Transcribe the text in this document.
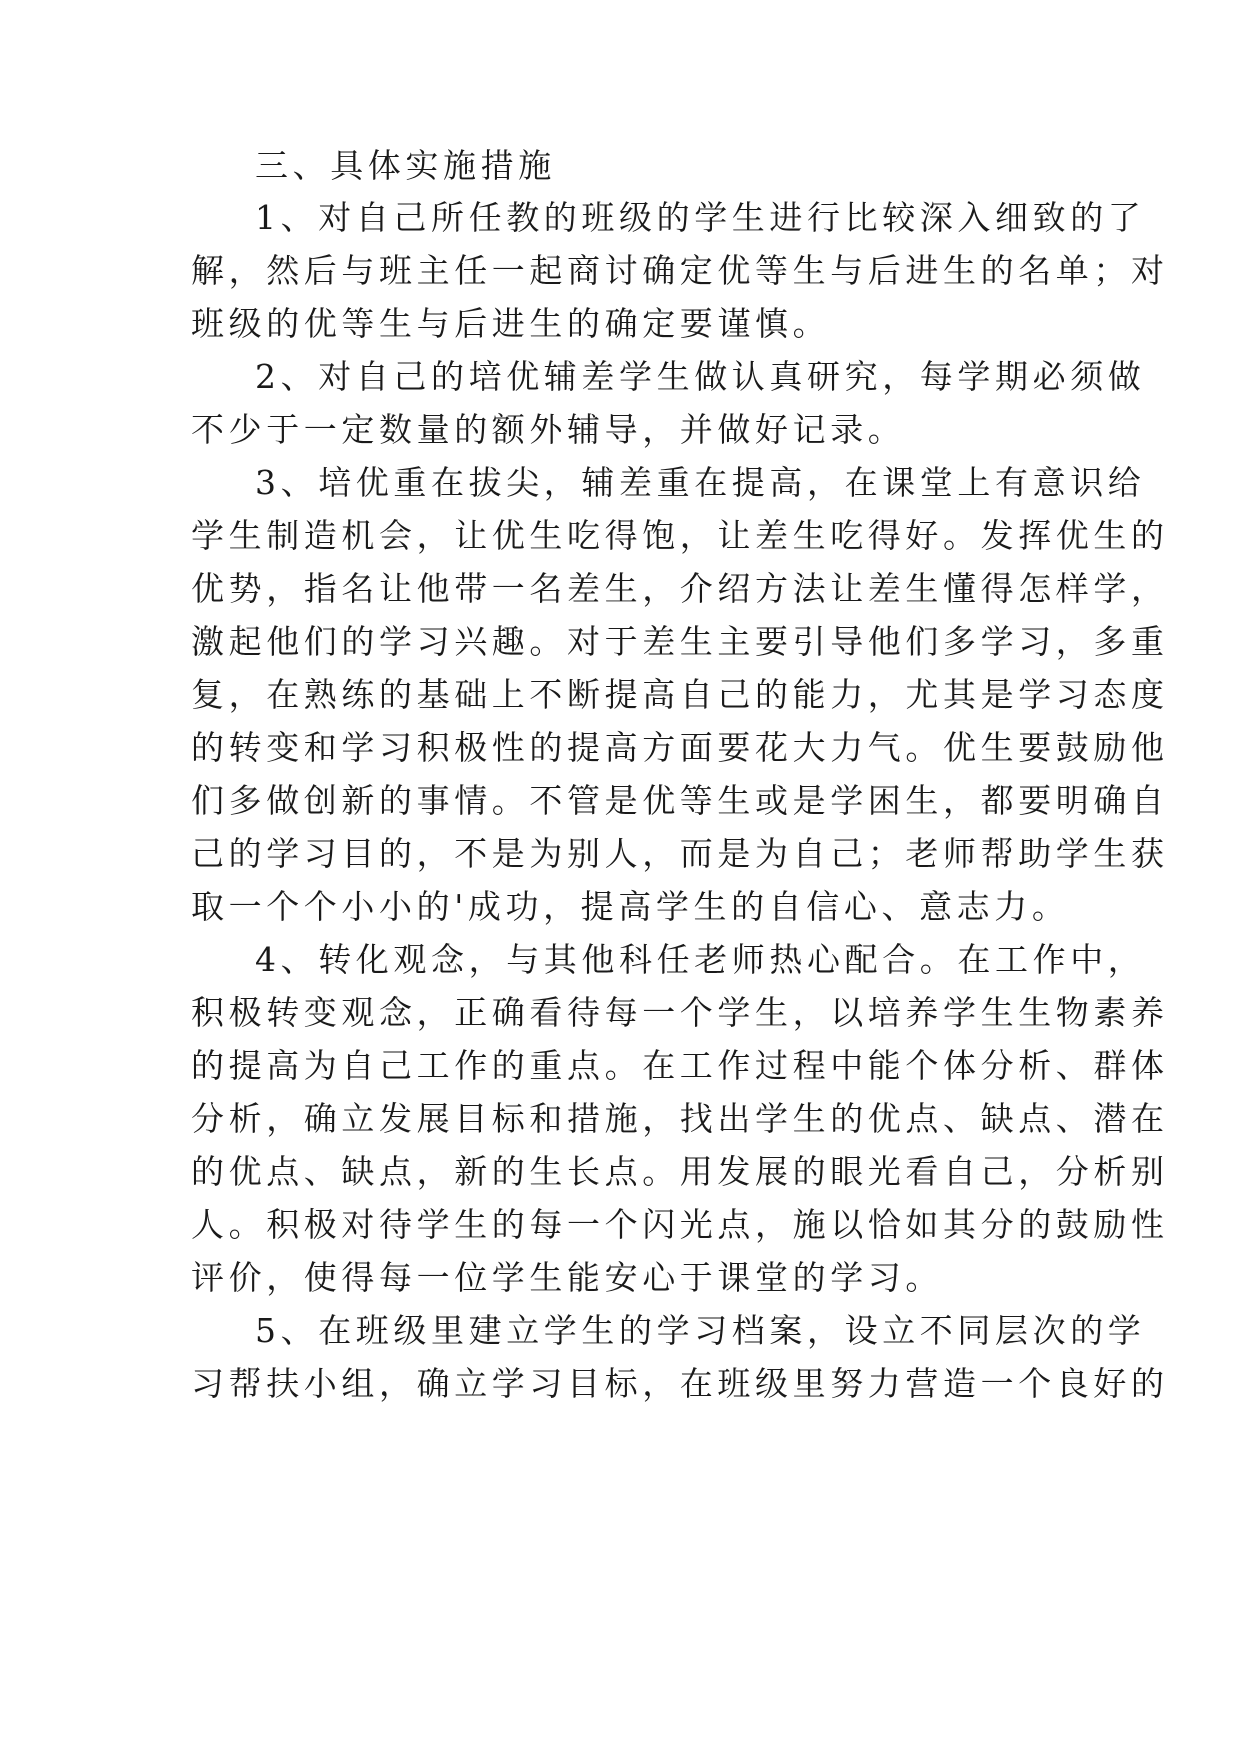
三、具体实施措施
1、对自己所任教的班级的学生进行比较深入细致的了
解，然后与班主任一起商讨确定优等生与后进生的名单；对
班级的优等生与后进生的确定要谨慎。
2、对自己的培优辅差学生做认真研究，每学期必须做
不少于一定数量的额外辅导，并做好记录。
3、培优重在拔尖，辅差重在提高，在课堂上有意识给
学生制造机会，让优生吃得饱，让差生吃得好。发挥优生的
优势，指名让他带一名差生，介绍方法让差生懂得怎样学，
激起他们的学习兴趣。对于差生主要引导他们多学习，多重
复，在熟练的基础上不断提高自己的能力，尤其是学习态度
的转变和学习积极性的提高方面要花大力气。优生要鼓励他
们多做创新的事情。不管是优等生或是学困生，都要明确自
己的学习目的，不是为别人，而是为自己；老师帮助学生获
取一个个小小的'成功，提高学生的自信心、意志力。
4、转化观念，与其他科任老师热心配合。在工作中，
积极转变观念，正确看待每一个学生，以培养学生生物素养
的提高为自己工作的重点。在工作过程中能个体分析、群体
分析，确立发展目标和措施，找出学生的优点、缺点、潜在
的优点、缺点，新的生长点。用发展的眼光看自己，分析别
人。积极对待学生的每一个闪光点，施以恰如其分的鼓励性
评价，使得每一位学生能安心于课堂的学习。
5、在班级里建立学生的学习档案，设立不同层次的学
习帮扶小组，确立学习目标，在班级里努力营造一个良好的
